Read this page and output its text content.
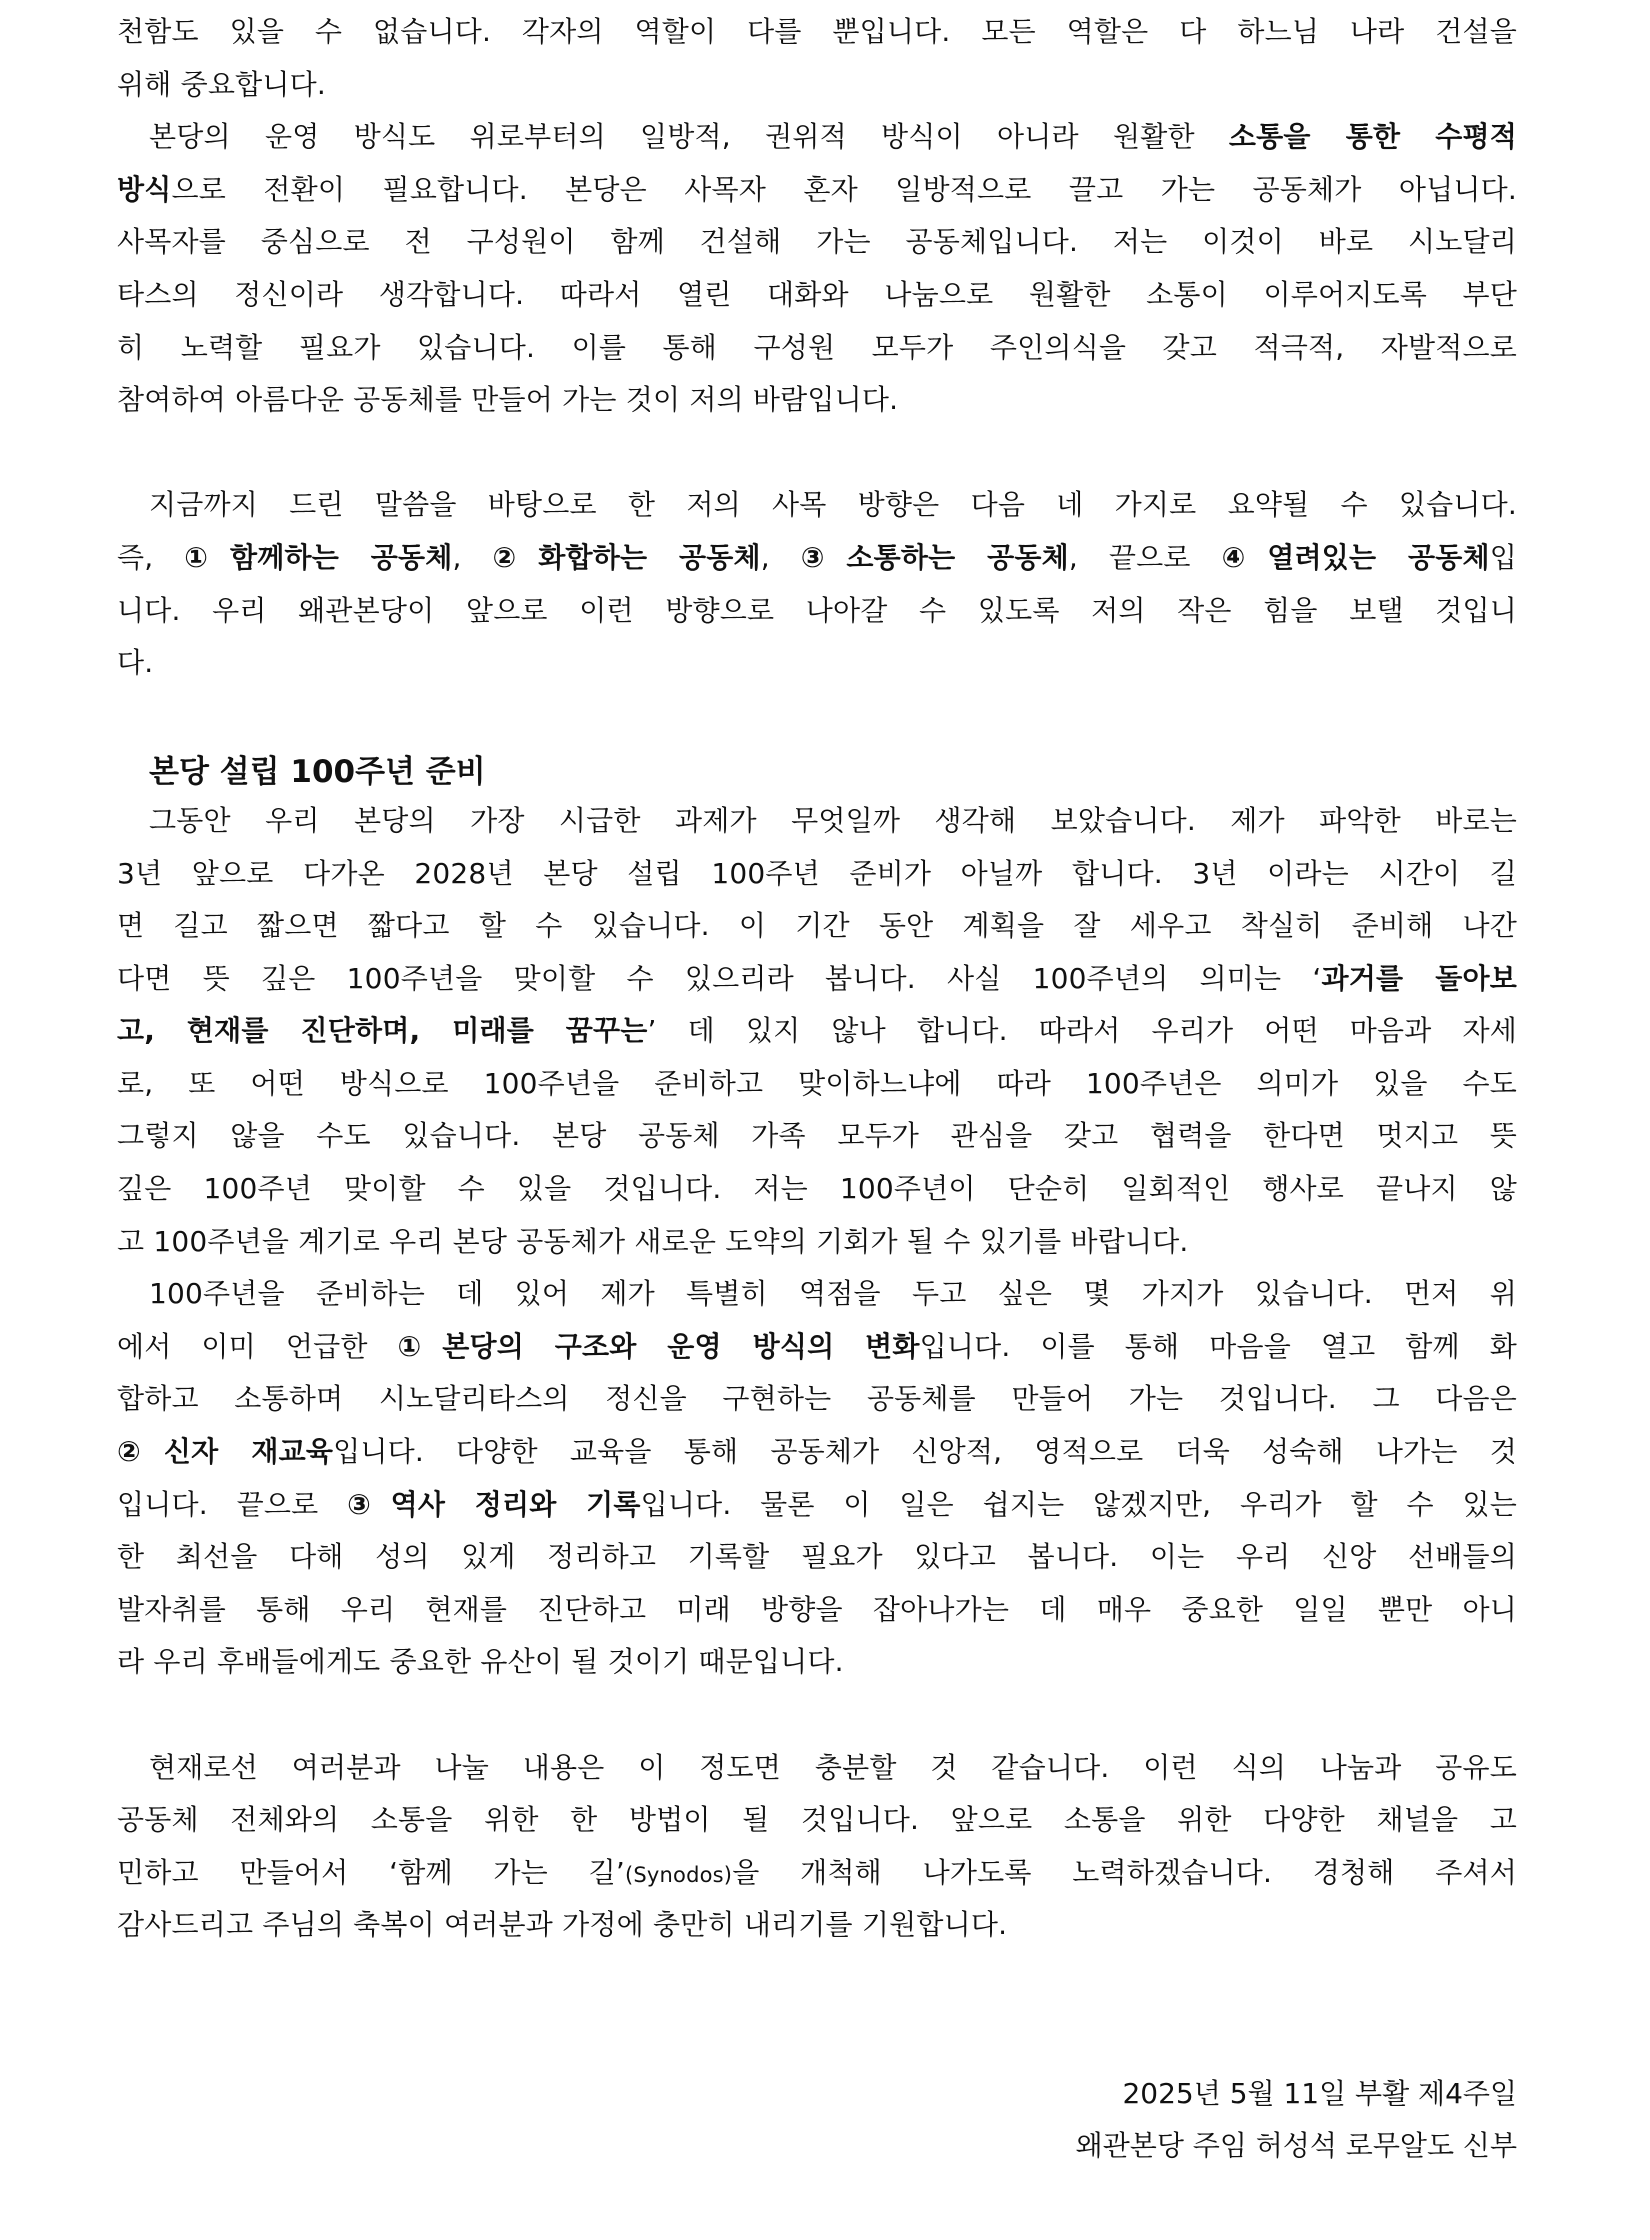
천함도 있을 수 없습니다. 각자의 역할이 다를 뿐입니다. 모든 역할은 다 하느님 나라 건설을
위해 중요합니다.
본당의 운영 방식도 위로부터의 일방적, 권위적 방식이 아니라 원활한 소통을 통한 수평적
방식으로 전환이 필요합니다. 본당은 사목자 혼자 일방적으로 끌고 가는 공동체가 아닙니다.
사목자를 중심으로 전 구성원이 함께 건설해 가는 공동체입니다. 저는 이것이 바로 시노달리
타스의 정신이라 생각합니다. 따라서 열린 대화와 나눔으로 원활한 소통이 이루어지도록 부단
히 노력할 필요가 있습니다. 이를 통해 구성원 모두가 주인의식을 갖고 적극적, 자발적으로
참여하여 아름다운 공동체를 만들어 가는 것이 저의 바람입니다.
지금까지 드린 말씀을 바탕으로 한 저의 사목 방향은 다음 네 가지로 요약될 수 있습니다.
즉, ①함께하는 공동체, ②화합하는 공동체, ③소통하는 공동체, 끝으로 ④열려있는 공동체입
니다. 우리 왜관본당이 앞으로 이런 방향으로 나아갈 수 있도록 저의 작은 힘을 보탤 것입니
다.
본당 설립 100주년 준비
그동안 우리 본당의 가장 시급한 과제가 무엇일까 생각해 보았습니다. 제가 파악한 바로는
3년 앞으로 다가온 2028년 본당 설립 100주년 준비가 아닐까 합니다. 3년 이라는 시간이 길
면 길고 짧으면 짧다고 할 수 있습니다. 이 기간 동안 계획을 잘 세우고 착실히 준비해 나간
다면 뜻 깊은 100주년을 맞이할 수 있으리라 봅니다. 사실 100주년의 의미는 ‘과거를 돌아보
고, 현재를 진단하며, 미래를 꿈꾸는’ 데 있지 않나 합니다. 따라서 우리가 어떤 마음과 자세
로, 또 어떤 방식으로 100주년을 준비하고 맞이하느냐에 따라 100주년은 의미가 있을 수도
그렇지 않을 수도 있습니다. 본당 공동체 가족 모두가 관심을 갖고 협력을 한다면 멋지고 뜻
깊은 100주년 맞이할 수 있을 것입니다. 저는 100주년이 단순히 일회적인 행사로 끝나지 않
고 100주년을 계기로 우리 본당 공동체가 새로운 도약의 기회가 될 수 있기를 바랍니다.
100주년을 준비하는 데 있어 제가 특별히 역점을 두고 싶은 몇 가지가 있습니다. 먼저 위
에서 이미 언급한 ①본당의 구조와 운영 방식의 변화입니다. 이를 통해 마음을 열고 함께 화
합하고 소통하며 시노달리타스의 정신을 구현하는 공동체를 만들어 가는 것입니다. 그 다음은
②신자 재교육입니다. 다양한 교육을 통해 공동체가 신앙적, 영적으로 더욱 성숙해 나가는 것
입니다. 끝으로 ③역사 정리와 기록입니다. 물론 이 일은 쉽지는 않겠지만, 우리가 할 수 있는
한 최선을 다해 성의 있게 정리하고 기록할 필요가 있다고 봅니다. 이는 우리 신앙 선배들의
발자취를 통해 우리 현재를 진단하고 미래 방향을 잡아나가는 데 매우 중요한 일일 뿐만 아니
라 우리 후배들에게도 중요한 유산이 될 것이기 때문입니다.
현재로선 여러분과 나눌 내용은 이 정도면 충분할 것 같습니다. 이런 식의 나눔과 공유도
공동체 전체와의 소통을 위한 한 방법이 될 것입니다. 앞으로 소통을 위한 다양한 채널을 고
민하고 만들어서 ‘함께 가는 길’(Synodos)을 개척해 나가도록 노력하겠습니다. 경청해 주셔서
감사드리고 주님의 축복이 여러분과 가정에 충만히 내리기를 기원합니다.
2025년 5월 11일 부활 제4주일
왜관본당 주임 허성석 로무알도 신부
